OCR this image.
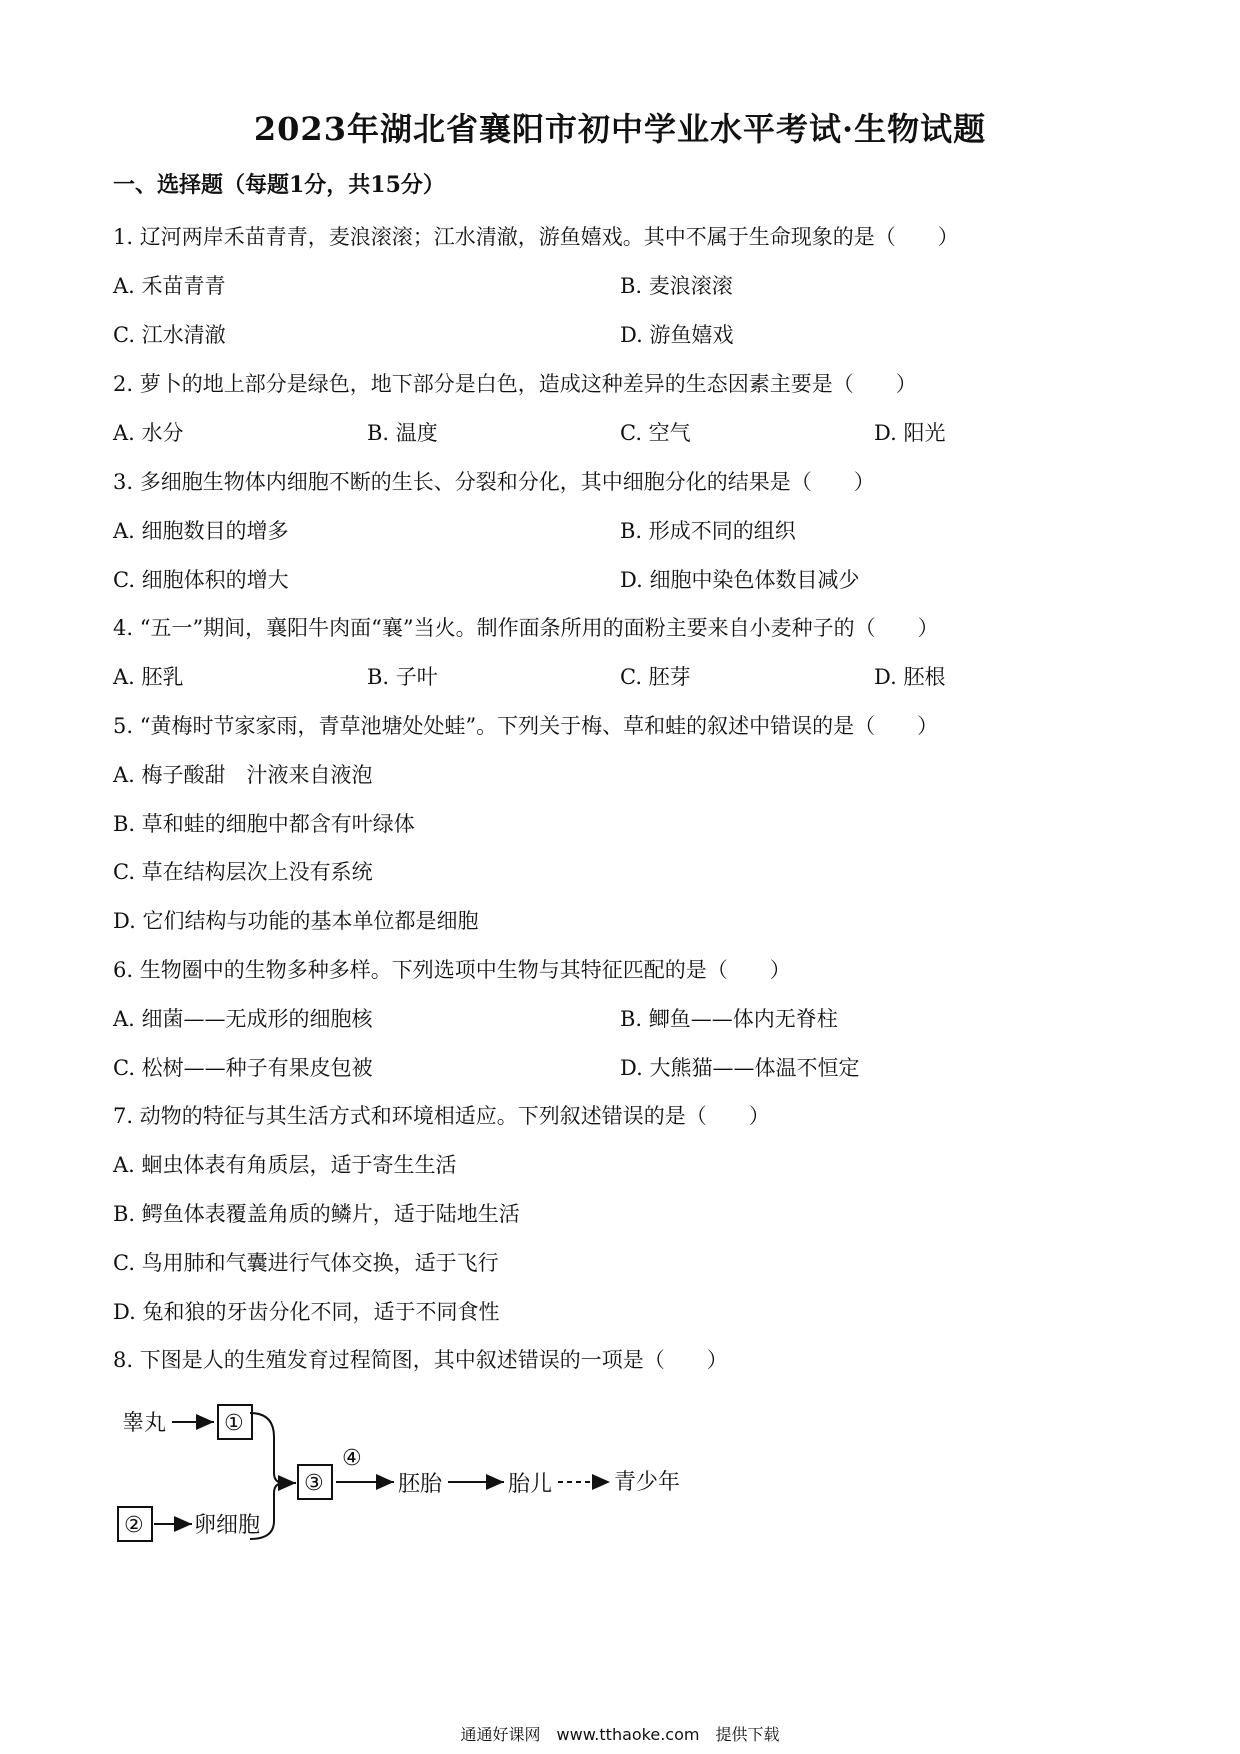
2023年湖北省襄阳市初中学业水平考试·生物试题
一、选择题（每题1分，共15分）
1. 辽河两岸禾苗青青，麦浪滚滚；江水清澈，游鱼嬉戏。其中不属于生命现象的是（　　）
A. 禾苗青青	B. 麦浪滚滚
C. 江水清澈	D. 游鱼嬉戏
2. 萝卜的地上部分是绿色，地下部分是白色，造成这种差异的生态因素主要是（　　）
A. 水分	B. 温度	C. 空气	D. 阳光
3. 多细胞生物体内细胞不断的生长、分裂和分化，其中细胞分化的结果是（　　）
A. 细胞数目的增多	B. 形成不同的组织
C. 细胞体积的增大	D. 细胞中染色体数目减少
4. “五一”期间，襄阳牛肉面“襄”当火。制作面条所用的面粉主要来自小麦种子的（　　）
A. 胚乳	B. 子叶	C. 胚芽	D. 胚根
5. “黄梅时节家家雨，青草池塘处处蛙”。下列关于梅、草和蛙的叙述中错误的是（　　）
A. 梅子酸甜　汁液来自液泡
B. 草和蛙的细胞中都含有叶绿体
C. 草在结构层次上没有系统
D. 它们结构与功能的基本单位都是细胞
6. 生物圈中的生物多种多样。下列选项中生物与其特征匹配的是（　　）
A. 细菌——无成形的细胞核	B. 鲫鱼——体内无脊柱
C. 松树——种子有果皮包被	D. 大熊猫——体温不恒定
7. 动物的特征与其生活方式和环境相适应。下列叙述错误的是（　　）
A. 蛔虫体表有角质层，适于寄生生活
B. 鳄鱼体表覆盖角质的鳞片，适于陆地生活
C. 鸟用肺和气囊进行气体交换，适于飞行
D. 兔和狼的牙齿分化不同，适于不同食性
8. 下图是人的生殖发育过程简图，其中叙述错误的一项是（　　）
睾丸	①
② 卵细胞
③
④
胚胎	胎儿	青少年
通通好课网　www.tthaoke.com　提供下载
